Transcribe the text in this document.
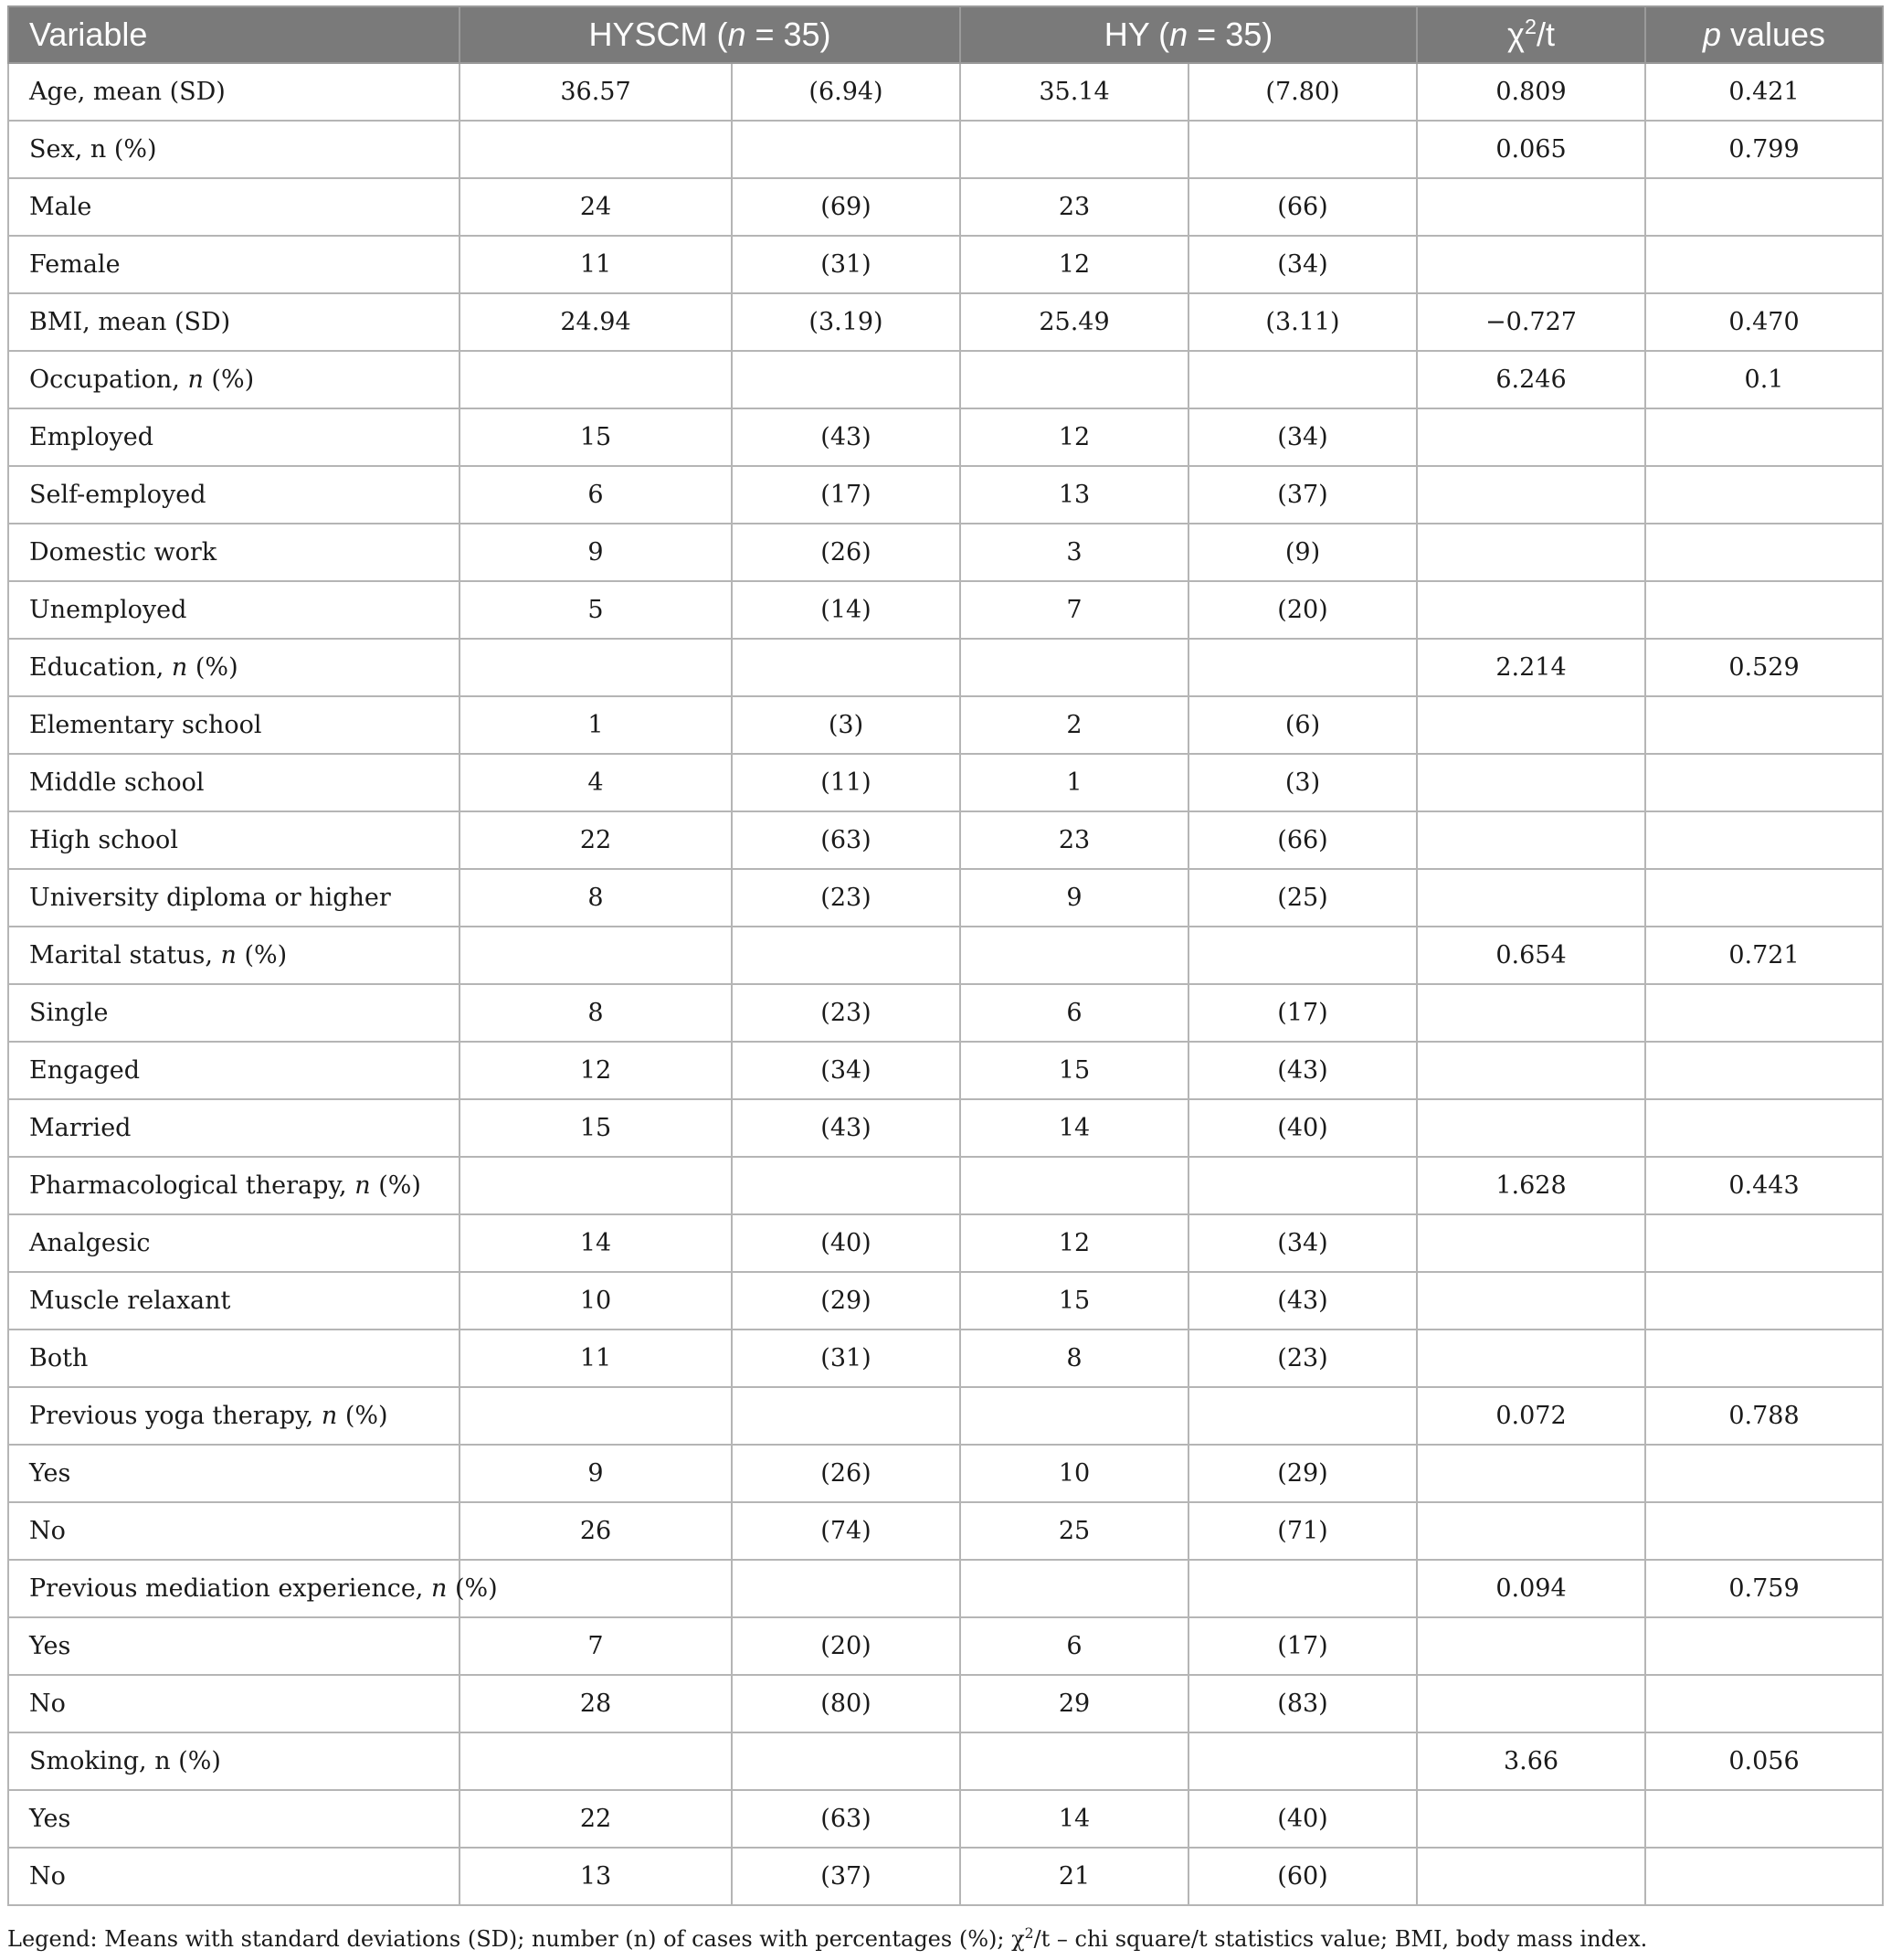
Variable	HYSCM (n = 35)		HY (n = 35)		$\chi^2/t$	p values
Age, mean (SD)	36.57	(6.94)	35.14	(7.80)	0.809	0.421
Sex, n (%)					0.065	0.799
Male	24	(69)	23	(66)		
Female	11	(31)	12	(34)		
BMI, mean (SD)	24.94	(3.19)	25.49	(3.11)	−0.727	0.470
Occupation, n (%)					6.246	0.1
Employed	15	(43)	12	(34)		
Self-employed	6	(17)	13	(37)		
Domestic work	9	(26)	3	(9)		
Unemployed	5	(14)	7	(20)		
Education, n (%)					2.214	0.529
Elementary school	1	(3)	2	(6)		
Middle school	4	(11)	1	(3)		
High school	22	(63)	23	(66)		
University diploma or higher	8	(23)	9	(25)		
Marital status, n (%)					0.654	0.721
Single	8	(23)	6	(17)		
Engaged	12	(34)	15	(43)		
Married	15	(43)	14	(40)		
Pharmacological therapy, n (%)					1.628	0.443
Analgesic	14	(40)	12	(34)		
Muscle relaxant	10	(29)	15	(43)		
Both	11	(31)	8	(23)		
Previous yoga therapy, n (%)					0.072	0.788
Yes	9	(26)	10	(29)		
No	26	(74)	25	(71)		
Previous mediation experience, n (%)					0.094	0.759
Yes	7	(20)	6	(17)		
No	28	(80)	29	(83)		
Smoking, n (%)					3.66	0.056
Yes	22	(63)	14	(40)		
No	13	(37)	21	(60)		
Legend: Means with standard deviations (SD); number (n) of cases with percentages (%); $\chi^2/t$ – chi square/t statistics value; BMI, body mass index.
